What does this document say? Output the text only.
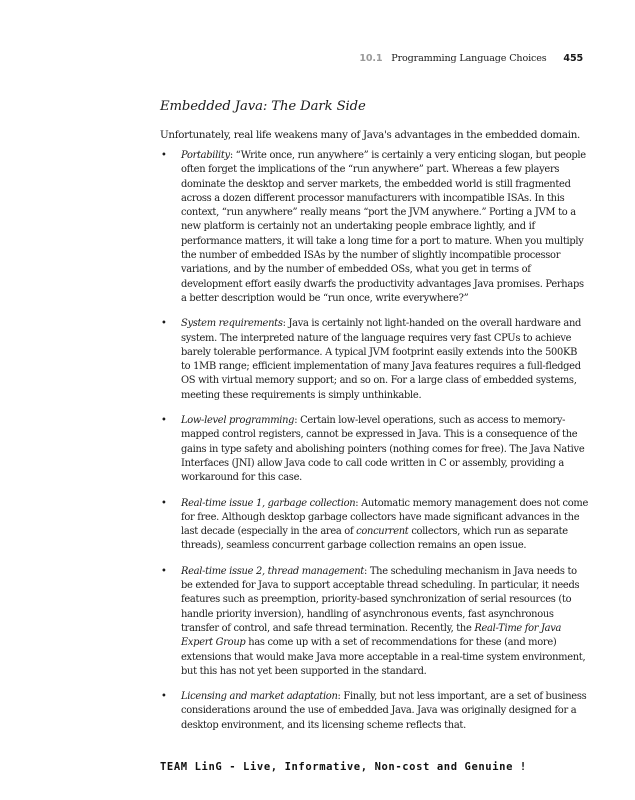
10.1 Programming Language Choices 455
Embedded Java: The Dark Side

Unfortunately, real life weakens many of Java's advantages in the embedded domain.

• Portability: “Write once, run anywhere” is certainly a very enticing slogan, but people often forget the implications of the “run anywhere” part. Whereas a few players dominate the desktop and server markets, the embedded world is still fragmented across a dozen different processor manufacturers with incompatible ISAs. In this context, “run anywhere” really means “port the JVM anywhere.” Porting a JVM to a new platform is certainly not an undertaking people embrace lightly, and if performance matters, it will take a long time for a port to mature. When you multiply the number of embedded ISAs by the number of slightly incompatible processor variations, and by the number of embedded OSs, what you get in terms of development effort easily dwarfs the productivity advantages Java promises. Perhaps a better description would be “run once, write everywhere?”
• System requirements: Java is certainly not light-handed on the overall hardware and system. The interpreted nature of the language requires very fast CPUs to achieve barely tolerable performance. A typical JVM footprint easily extends into the 500KB to 1MB range; efficient implementation of many Java features requires a full-fledged OS with virtual memory support; and so on. For a large class of embedded systems, meeting these requirements is simply unthinkable.
• Low-level programming: Certain low-level operations, such as access to memory-mapped control registers, cannot be expressed in Java. This is a consequence of the gains in type safety and abolishing pointers (nothing comes for free). The Java Native Interfaces (JNI) allow Java code to call code written in C or assembly, providing a workaround for this case.
• Real-time issue 1, garbage collection: Automatic memory management does not come for free. Although desktop garbage collectors have made significant advances in the last decade (especially in the area of concurrent collectors, which run as separate threads), seamless concurrent garbage collection remains an open issue.
• Real-time issue 2, thread management: The scheduling mechanism in Java needs to be extended for Java to support acceptable thread scheduling. In particular, it needs features such as preemption, priority-based synchronization of serial resources (to handle priority inversion), handling of asynchronous events, fast asynchronous transfer of control, and safe thread termination. Recently, the Real-Time for Java Expert Group has come up with a set of recommendations for these (and more) extensions that would make Java more acceptable in a real-time system environment, but this has not yet been supported in the standard.
• Licensing and market adaptation: Finally, but not less important, are a set of business considerations around the use of embedded Java. Java was originally designed for a desktop environment, and its licensing scheme reflects that.
TEAM LinG - Live, Informative, Non-cost and Genuine !
